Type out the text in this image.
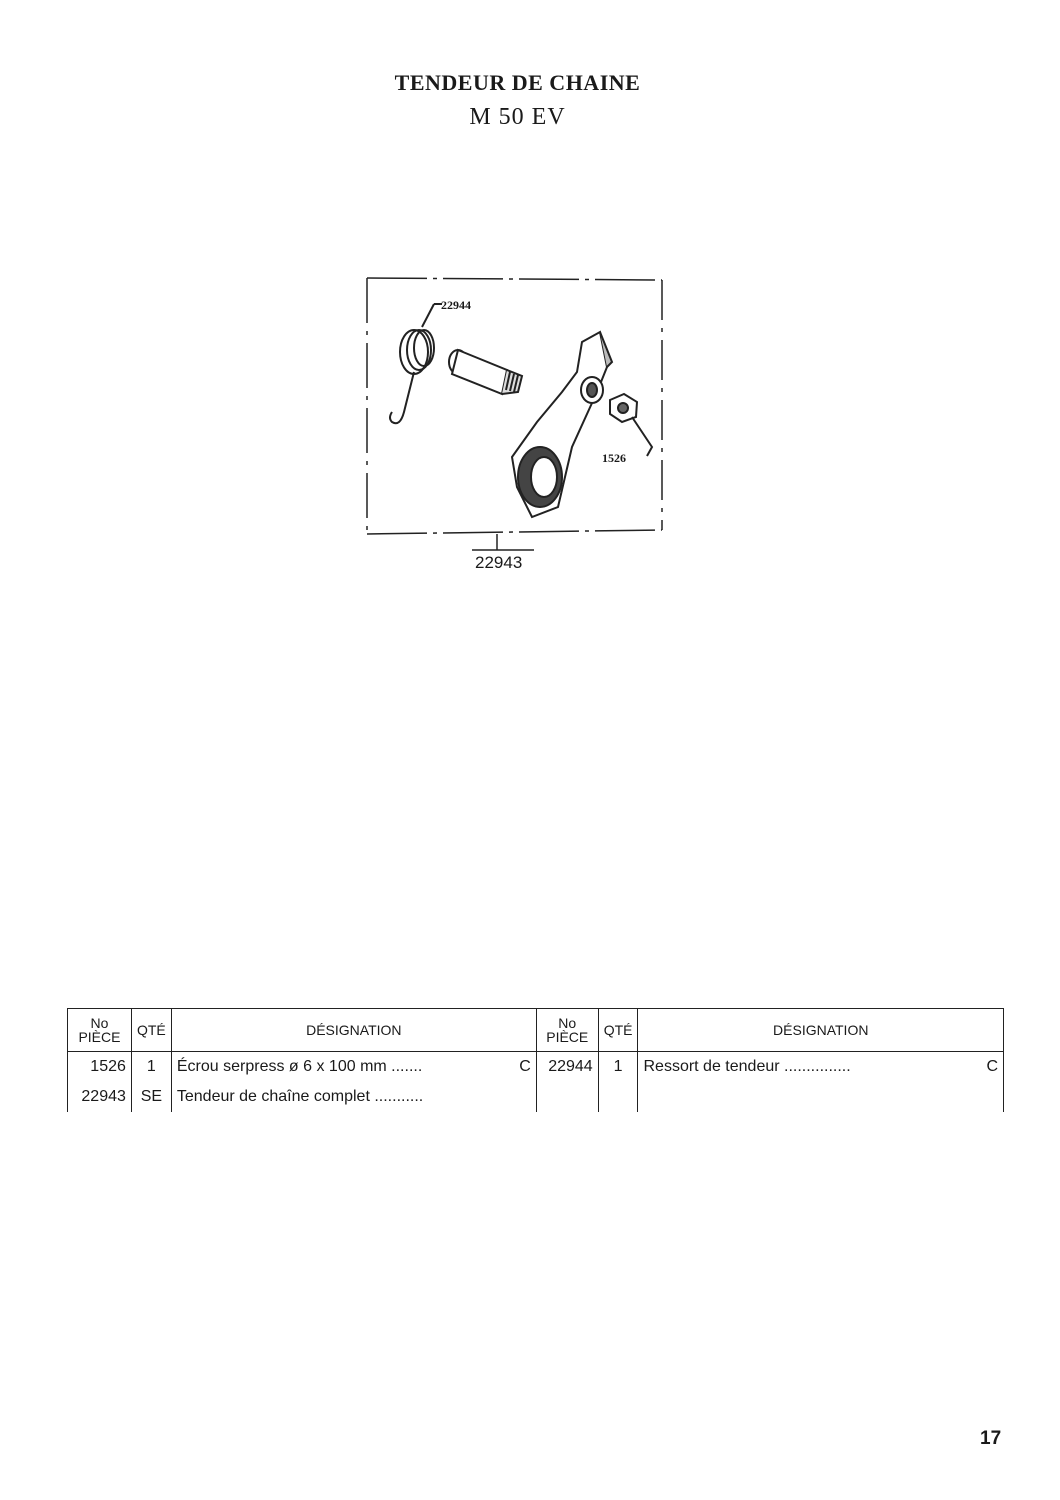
TENDEUR DE CHAINE
M 50 EV
22944
1526
22943
No PIÈCE	QTÉ	DÉSIGNATION	No PIÈCE	QTÉ	DÉSIGNATION
1526	1	Écrou serpress ø 6 x 100 mm ....... C	22944	1	Ressort de tendeur ............... C

22943	SE	Tendeur de chaîne complet ...........			

17
